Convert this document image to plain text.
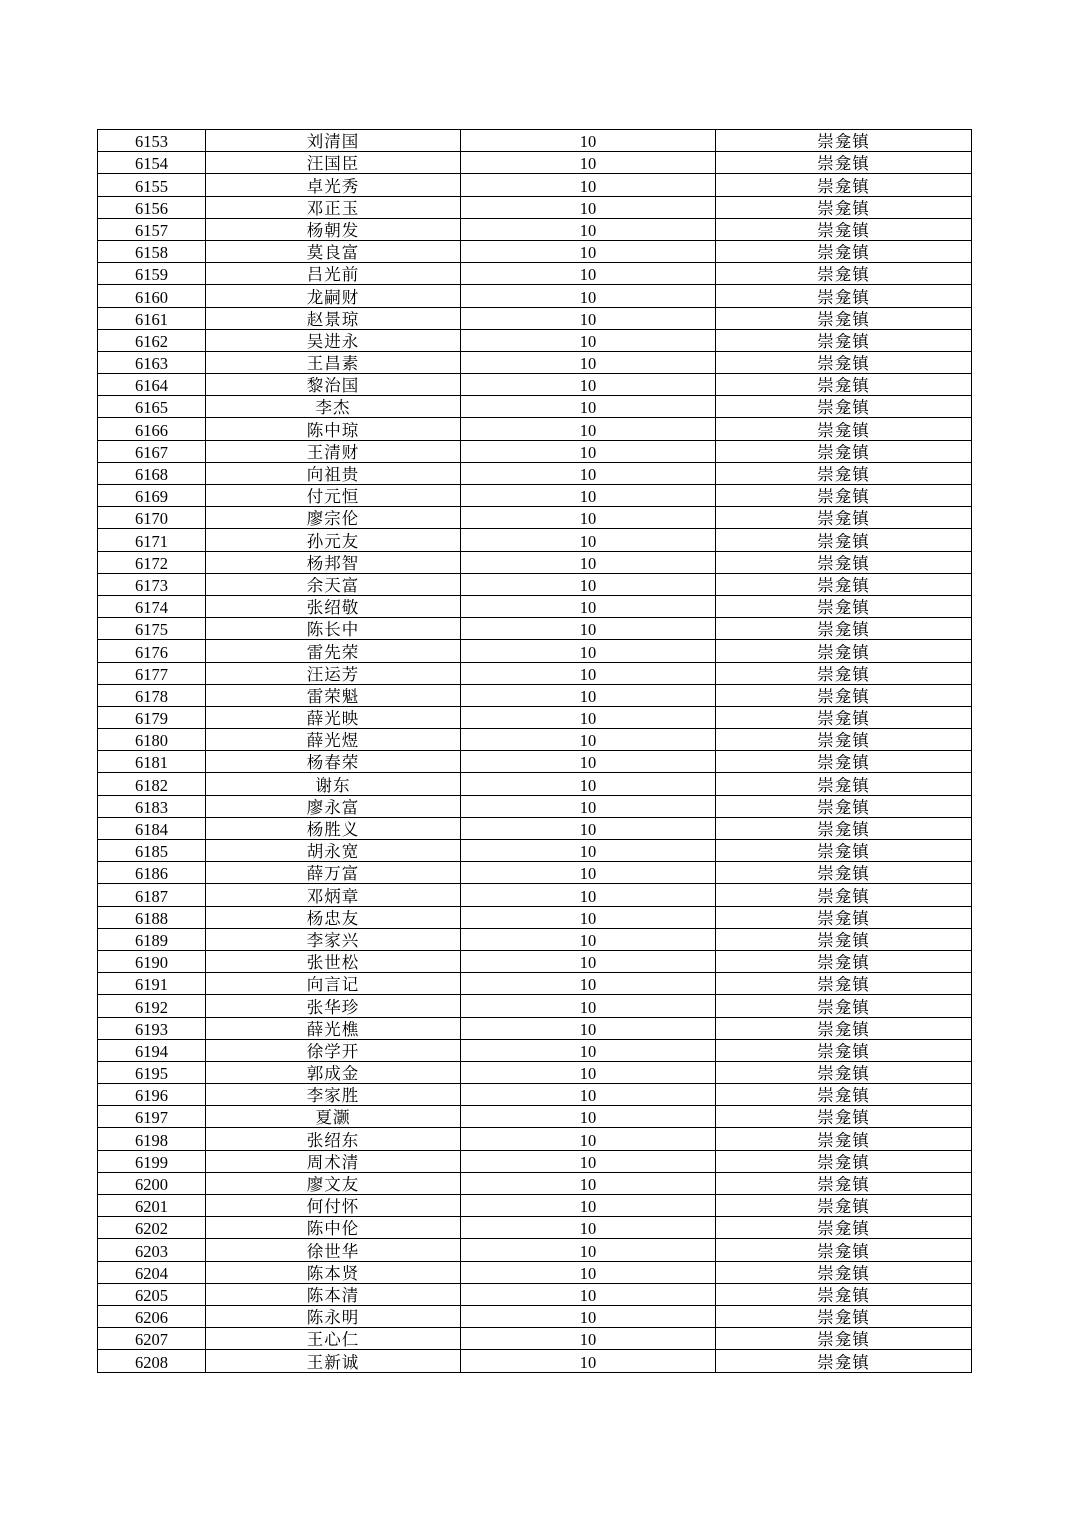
6153	刘清国	10	崇龛镇
6154	汪国臣	10	崇龛镇
6155	卓光秀	10	崇龛镇
6156	邓正玉	10	崇龛镇
6157	杨朝发	10	崇龛镇
6158	莫良富	10	崇龛镇
6159	吕光前	10	崇龛镇
6160	龙嗣财	10	崇龛镇
6161	赵景琼	10	崇龛镇
6162	吴进永	10	崇龛镇
6163	王昌素	10	崇龛镇
6164	黎治国	10	崇龛镇
6165	李杰	10	崇龛镇
6166	陈中琼	10	崇龛镇
6167	王清财	10	崇龛镇
6168	向祖贵	10	崇龛镇
6169	付元恒	10	崇龛镇
6170	廖宗伦	10	崇龛镇
6171	孙元友	10	崇龛镇
6172	杨邦智	10	崇龛镇
6173	余天富	10	崇龛镇
6174	张绍敬	10	崇龛镇
6175	陈长中	10	崇龛镇
6176	雷先荣	10	崇龛镇
6177	汪运芳	10	崇龛镇
6178	雷荣魁	10	崇龛镇
6179	薛光映	10	崇龛镇
6180	薛光煜	10	崇龛镇
6181	杨春荣	10	崇龛镇
6182	谢东	10	崇龛镇
6183	廖永富	10	崇龛镇
6184	杨胜义	10	崇龛镇
6185	胡永宽	10	崇龛镇
6186	薛万富	10	崇龛镇
6187	邓炳章	10	崇龛镇
6188	杨忠友	10	崇龛镇
6189	李家兴	10	崇龛镇
6190	张世松	10	崇龛镇
6191	向言记	10	崇龛镇
6192	张华珍	10	崇龛镇
6193	薛光樵	10	崇龛镇
6194	徐学开	10	崇龛镇
6195	郭成金	10	崇龛镇
6196	李家胜	10	崇龛镇
6197	夏灏	10	崇龛镇
6198	张绍东	10	崇龛镇
6199	周术清	10	崇龛镇
6200	廖文友	10	崇龛镇
6201	何付怀	10	崇龛镇
6202	陈中伦	10	崇龛镇
6203	徐世华	10	崇龛镇
6204	陈本贤	10	崇龛镇
6205	陈本清	10	崇龛镇
6206	陈永明	10	崇龛镇
6207	王心仁	10	崇龛镇
6208	王新诚	10	崇龛镇
